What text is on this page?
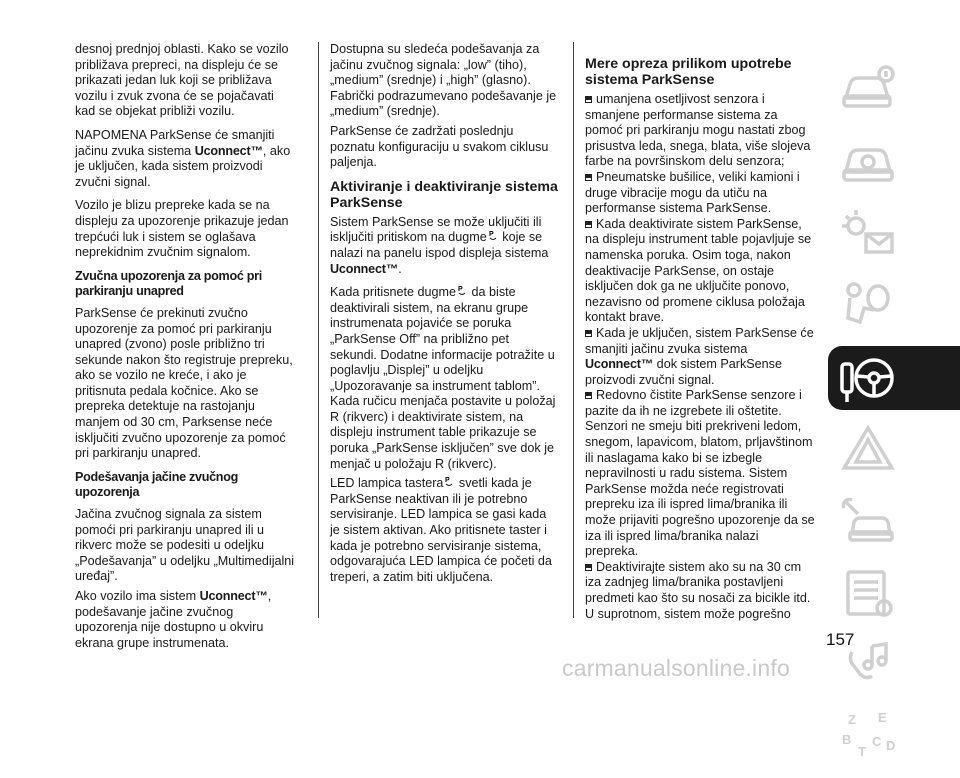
desnoj prednjoj oblasti. Kako se vozilo približava prepreci, na displeju će se prikazati jedan luk koji se približava vozilu i zvuk zvona će se pojačavati kad se objekat približi vozilu.

NAPOMENA ParkSense će smanjiti jačinu zvuka sistema Uconnect™, ako je uključen, kada sistem proizvodi zvučni signal.

Vozilo je blizu prepreke kada se na displeju za upozorenje prikazuje jedan trepćući luk i sistem se oglašava neprekidnim zvučnim signalom.

Zvučna upozorenja za pomoć pri parkiranju unapred

ParkSense će prekinuti zvučno upozorenje za pomoć pri parkiranju unapred (zvono) posle približno tri sekunde nakon što registruje prepreku, ako se vozilo ne kreće, i ako je pritisnuta pedala kočnice. Ako se prepreka detektuje na rastojanju manjem od 30 cm, Parksense neće isključiti zvučno upozorenje za pomoć pri parkiranju unapred.

Podešavanja jačine zvučnog upozorenja

Jačina zvučnog signala za sistem pomoći pri parkiranju unapred ili u rikverc može se podesiti u odeljku „Podešavanja” u odeljku „Multimedijalni uređaj”.

Ako vozilo ima sistem Uconnect™, podešavanje jačine zvučnog upozorenja nije dostupno u okviru ekrana grupe instrumenata.

Dostupna su sledeća podešavanja za jačinu zvučnog signala: „low” (tiho), „medium” (srednje) i „high” (glasno). Fabrički podrazumevano podešavanje je „medium” (srednje).

ParkSense će zadržati poslednju poznatu konfiguraciju u svakom ciklusu paljenja.

Aktiviranje i deaktiviranje sistema ParkSense

Sistem ParkSense se može uključiti ili isključiti pritiskom na dugme P koje se nalazi na panelu ispod displeja sistema Uconnect™.

Kada pritisnete dugme P da biste deaktivirali sistem, na ekranu grupe instrumenata pojaviće se poruka „ParkSense Off” na približno pet sekundi. Dodatne informacije potražite u poglavlju „Displej” u odeljku „Upozoravanje sa instrument tablom”. Kada ručicu menjača postavite u položaj R (rikverc) i deaktivirate sistem, na displeju instrument table prikazuje se poruka „ParkSense isključen” sve dok je menjač u položaju R (rikverc).

LED lampica tastera P svetli kada je ParkSense neaktivan ili je potrebno servisiranje. LED lampica se gasi kada je sistem aktivan. Ako pritisnete taster i kada je potrebno servisiranje sistema, odgovarajuća LED lampica će početi da treperi, a zatim biti uključena.

Mere opreza prilikom upotrebe sistema ParkSense
umanjena osetljivost senzora i smanjene performanse sistema za pomoć pri parkiranju mogu nastati zbog prisustva leda, snega, blata, više slojeva farbe na površinskom delu senzora;
Pneumatske bušilice, veliki kamioni i druge vibracije mogu da utiču na performanse sistema ParkSense.
Kada deaktivirate sistem ParkSense, na displeju instrument table pojavljuje se namenska poruka. Osim toga, nakon deaktivacije ParkSense, on ostaje isključen dok ga ne uključite ponovo, nezavisno od promene ciklusa položaja kontakt brave.
Kada je uključen, sistem ParkSense će smanjiti jačinu zvuka sistema Uconnect™ dok sistem ParkSense proizvodi zvučni signal.
Redovno čistite ParkSense senzore i pazite da ih ne izgrebete ili oštetite. Senzori ne smeju biti prekriveni ledom, snegom, lapavicom, blatom, prljavštinom ili naslagama kako bi se izbegle nepravilnosti u radu sistema. Sistem ParkSense možda neće registrovati prepreku iza ili ispred lima/branika ili može prijaviti pogrešno upozorenje da se iza ili ispred lima/branika nalazi prepreka.
Deaktivirajte sistem ako su na 30 cm iza zadnjeg lima/branika postavljeni predmeti kao što su nosači za bicikle itd. U suprotnom, sistem može pogrešno
Z E
B
T
C D
157
carmanualsonline.info
